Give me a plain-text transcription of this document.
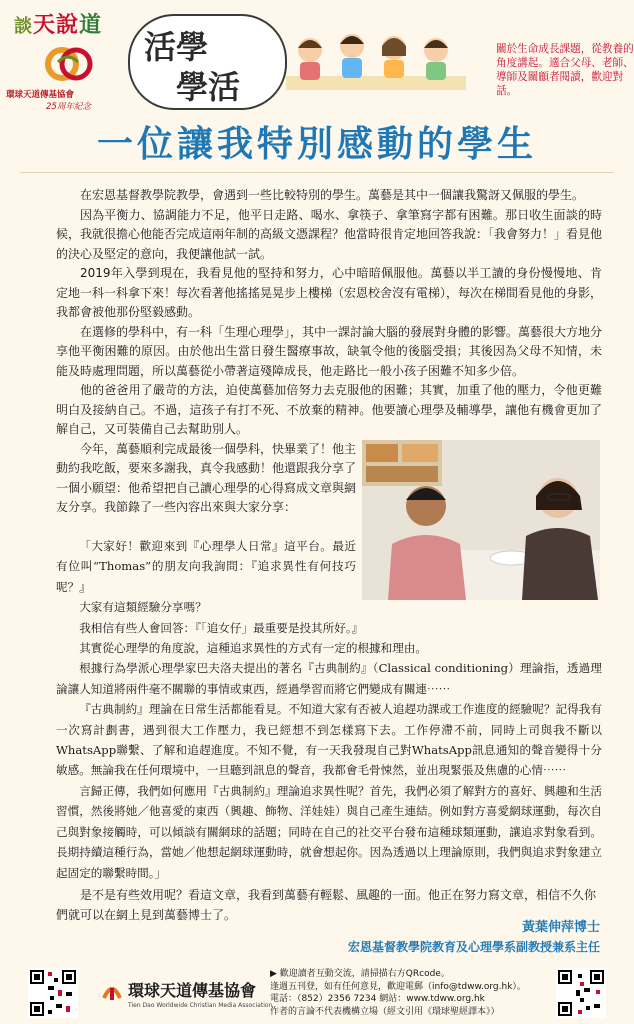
談天說道
環球天道傳基協會
25周年紀念
活學
學活
關於生命成長課題，從教養的角度講起。適合父母、老師、導師及關顧者閱讀，歡迎對話。
一位讓我特別感動的學生

在宏恩基督教學院教學，會遇到一些比較特別的學生。萬藝是其中一個讓我驚訝又佩服的學生。

因為平衡力、協調能力不足，他平日走路、喝水、拿筷子、拿筆寫字都有困難。那日收生面談的時候，我就很擔心他能否完成這兩年制的高級文憑課程？他當時很肯定地回答我說：「我會努力！」看見他的決心及堅定的意向，我便讓他試一試。

2019年入學到現在，我看見他的堅持和努力，心中暗暗佩服他。萬藝以半工讀的身份慢慢地、肯定地一科一科拿下來！每次看著他搖搖晃晃步上樓梯（宏恩校舍沒有電梯），每次在梯間看見他的身影，我都會被他那份堅毅感動。

在選修的學科中，有一科「生理心理學」，其中一課討論大腦的發展對身體的影響。萬藝很大方地分享他平衡困難的原因。由於他出生當日發生醫療事故，缺氧令他的後腦受損；其後因為父母不知情，未能及時處理問題，所以萬藝從小帶著這殘障成長，他走路比一般小孩子困難不知多少倍。

他的爸爸用了嚴苛的方法，迫使萬藝加倍努力去克服他的困難；其實，加重了他的壓力，令他更難明白及接納自己。不過，這孩子有打不死、不放棄的精神。他要讀心理學及輔導學，讓他有機會更加了解自己，又可裝備自己去幫助別人。

今年，萬藝順利完成最後一個學科，快畢業了！他主動約我吃飯，要來多謝我，真令我感動！他還跟我分享了一個小願望：他希望把自己讀心理學的心得寫成文章與網友分享。我節錄了一些內容出來與大家分享：

「大家好！歡迎來到『心理學人日常』這平台。最近有位叫“Thomas”的朋友向我詢問：『追求異性有何技巧呢？』

大家有這類經驗分享嗎？

我相信有些人會回答：『「追女仔」最重要是投其所好。』

其實從心理學的角度說，這種追求異性的方式有一定的根據和理由。

根據行為學派心理學家巴夫洛夫提出的著名『古典制約』（Classical conditioning）理論指，透過理論讓人知道將兩件毫不關聯的事情或東西，經過學習而將它們變成有關連⋯⋯

『古典制約』理論在日常生活都能看見。不知道大家有否被人追趕功課或工作進度的經驗呢？記得我有一次寫計劃書，遇到很大工作壓力，我已經想不到怎樣寫下去。工作停滯不前，同時上司與我不斷以WhatsApp聯繫、了解和追趕進度。不知不覺，有一天我發現自己對WhatsApp訊息通知的聲音變得十分敏感。無論我在任何環境中，一旦聽到訊息的聲音，我都會毛骨悚然，並出現緊張及焦慮的心情⋯⋯

言歸正傳，我們如何應用『古典制約』理論追求異性呢？首先，我們必須了解對方的喜好、興趣和生活習慣，然後將她／他喜愛的東西（興趣、飾物、洋娃娃）與自己產生連結。例如對方喜愛網球運動，每次自己與對象接觸時，可以傾談有關網球的話題；同時在自己的社交平台發布這種球類運動，讓追求對象看到。長期持續這種行為，當她／他想起網球運動時，就會想起你。因為透過以上理論原則，我們與追求對象建立起固定的聯繫時間。」

是不是有些效用呢？看這文章，我看到萬藝有輕鬆、風趣的一面。他正在努力寫文章，相信不久你們就可以在網上見到萬藝博士了。

黃葉伸萍博士
宏恩基督教學院教育及心理學系副教授兼系主任
環球天道傳基協會
Tien Dao Worldwide Christian Media Association
▶ 歡迎讀者互動交流，請掃描右方QRcode。
逢週五刊登，如有任何意見，歡迎電郵（info@tdww.org.hk）。
電話：（852）2356 7234 網站：www.tdww.org.hk
作者的言論不代表機構立場（經文引用《環球聖經譯本》）
